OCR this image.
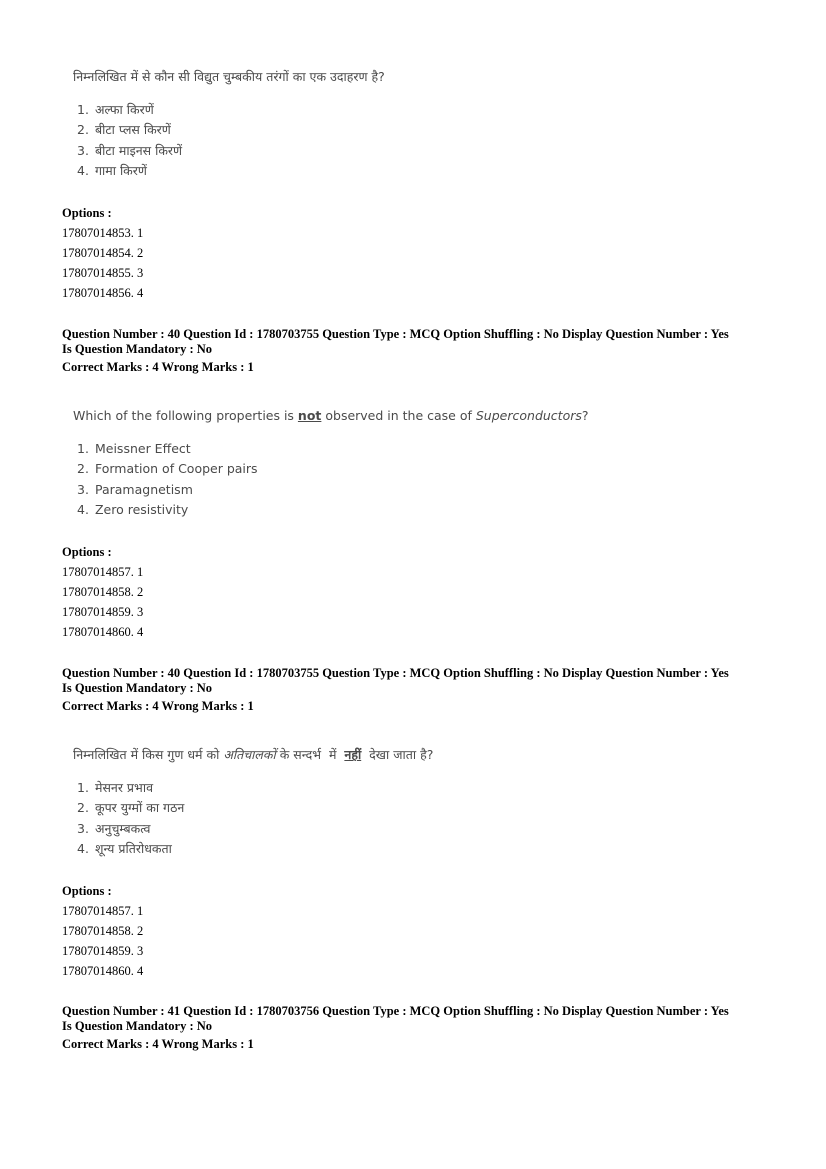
निम्नलिखित में से कौन सी विद्युत चुम्बकीय तरंगों का एक उदाहरण है?
1. अल्फा किरणें
2. बीटा प्लस किरणें
3. बीटा माइनस किरणें
4. गामा किरणें
Options :
17807014853. 1
17807014854. 2
17807014855. 3
17807014856. 4
Question Number : 40 Question Id : 1780703755 Question Type : MCQ Option Shuffling : No Display Question Number : Yes
Is Question Mandatory : No
Correct Marks : 4 Wrong Marks : 1
Which of the following properties is not observed in the case of Superconductors?
1. Meissner Effect
2. Formation of Cooper pairs
3. Paramagnetism
4. Zero resistivity
Options :
17807014857. 1
17807014858. 2
17807014859. 3
17807014860. 4
Question Number : 40 Question Id : 1780703755 Question Type : MCQ Option Shuffling : No Display Question Number : Yes
Is Question Mandatory : No
Correct Marks : 4 Wrong Marks : 1
निम्नलिखित में किस गुण धर्म को अतिचालकों के सन्दर्भ  में  नहीं  देखा जाता है?
1. मेसनर प्रभाव
2. कूपर युग्मों का गठन
3. अनुचुम्बकत्व
4. शून्य प्रतिरोधकता
Options :
17807014857. 1
17807014858. 2
17807014859. 3
17807014860. 4
Question Number : 41 Question Id : 1780703756 Question Type : MCQ Option Shuffling : No Display Question Number : Yes
Is Question Mandatory : No
Correct Marks : 4 Wrong Marks : 1
